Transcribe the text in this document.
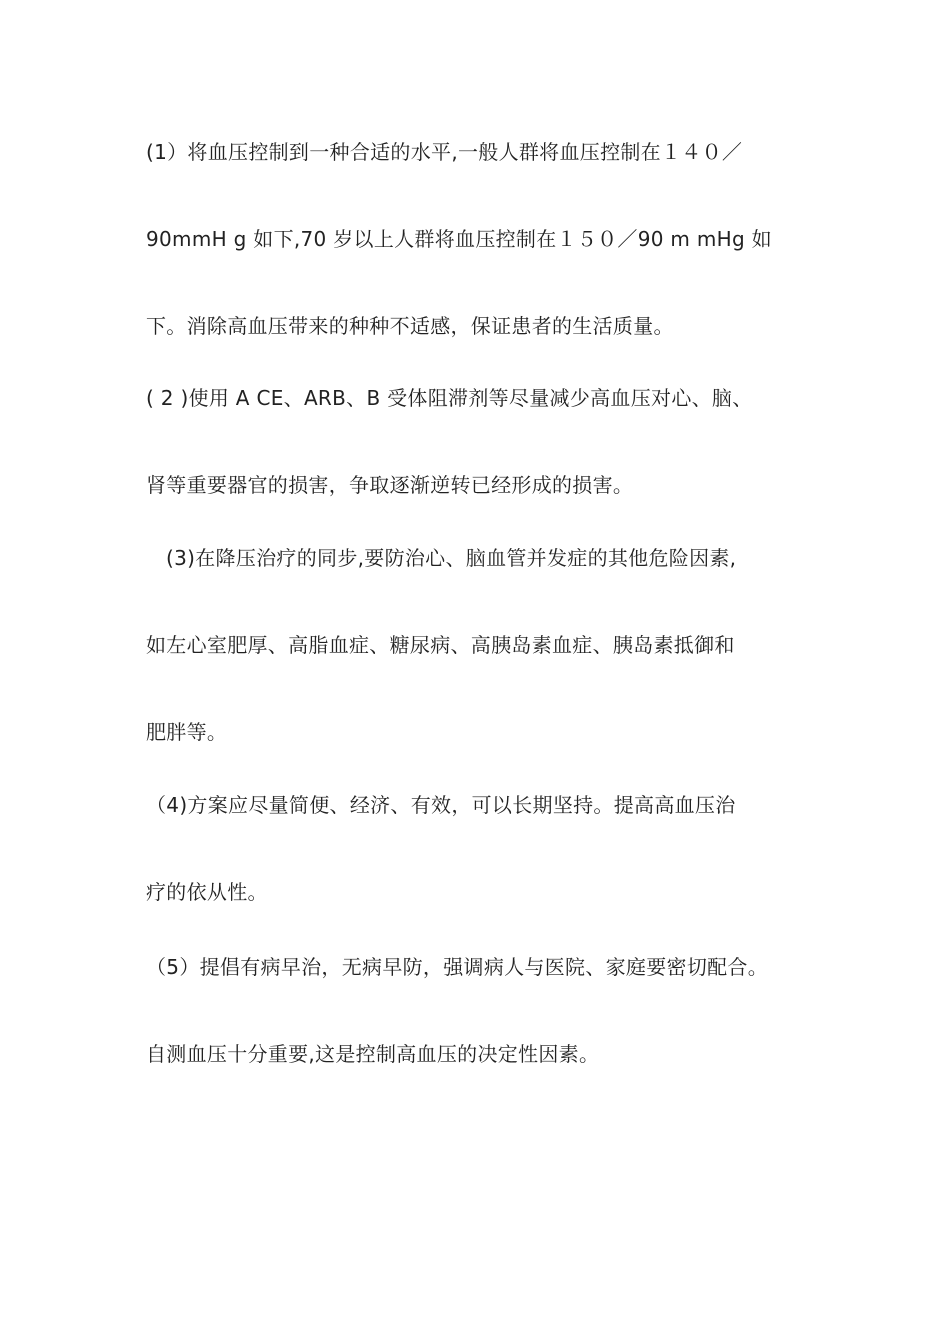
(1）将血压控制到一种合适的水平,一般人群将血压控制在１４０／
90mmH g 如下,70 岁以上人群将血压控制在１５０／90 m mHg 如
下。消除高血压带来的种种不适感，保证患者的生活质量。
( 2 )使用 A CE、ARB、B 受体阻滞剂等尽量减少高血压对心、脑、
肾等重要器官的损害，争取逐渐逆转已经形成的损害。
(3)在降压治疗的同步,要防治心、脑血管并发症的其他危险因素,
如左心室肥厚、高脂血症、糖尿病、高胰岛素血症、胰岛素抵御和
肥胖等。
（4)方案应尽量简便、经济、有效，可以长期坚持。提高高血压治
疗的依从性。
（5）提倡有病早治，无病早防，强调病人与医院、家庭要密切配合。
自测血压十分重要,这是控制高血压的决定性因素。
